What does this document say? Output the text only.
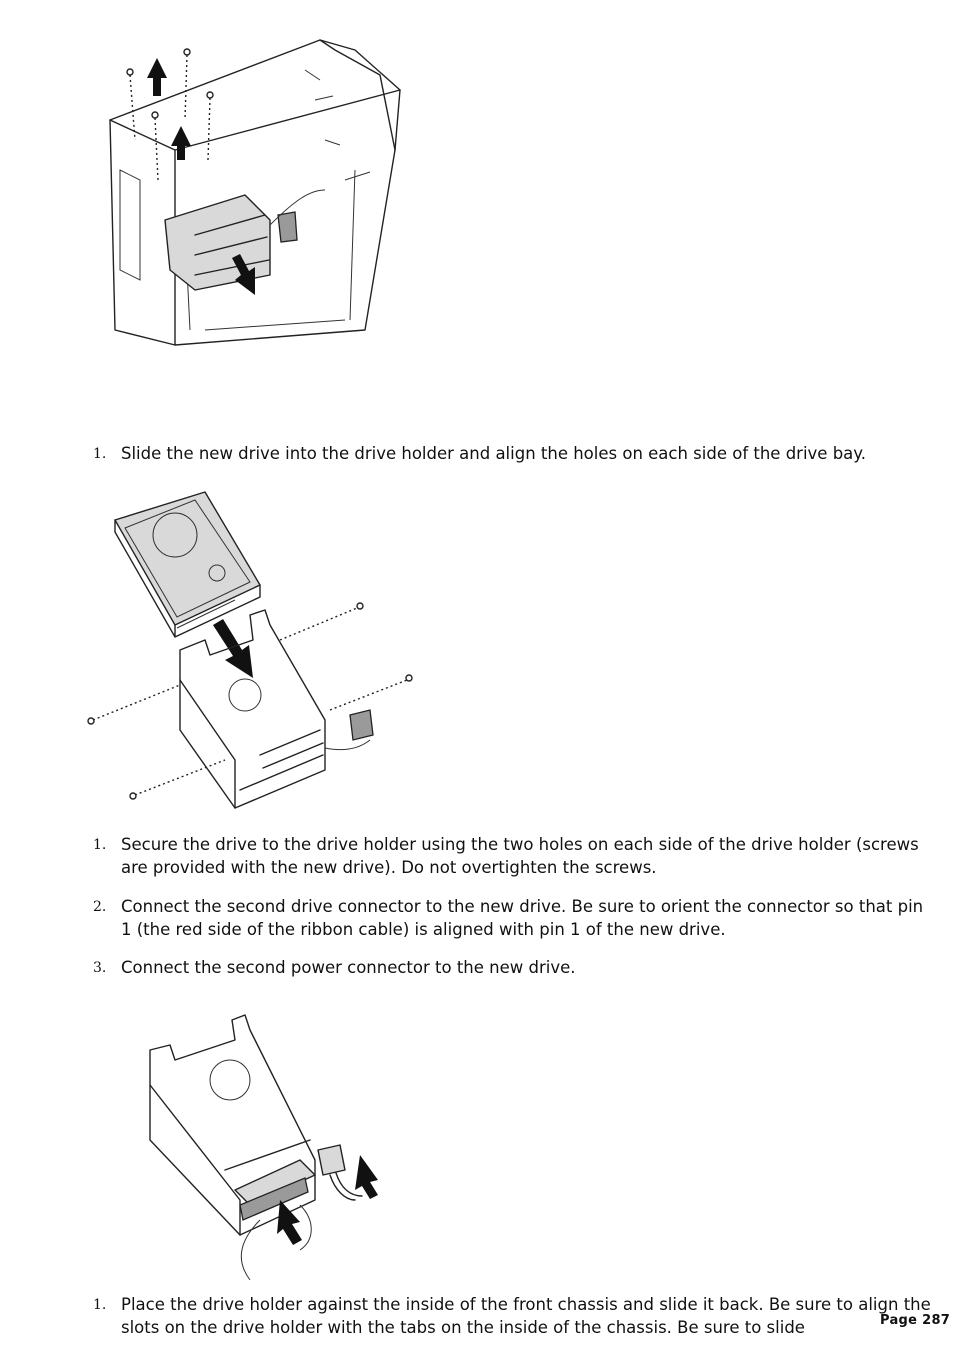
1. Slide the new drive into the drive holder and align the holes on each side of the drive bay.
1. Secure the drive to the drive holder using the two holes on each side of the drive holder (screws are provided with the new drive). Do not overtighten the screws.
2. Connect the second drive connector to the new drive. Be sure to orient the connector so that pin 1 (the red side of the ribbon cable) is aligned with pin 1 of the new drive.
3. Connect the second power connector to the new drive.
1. Place the drive holder against the inside of the front chassis and slide it back. Be sure to align the slots on the drive holder with the tabs on the inside of the chassis. Be sure to slide	Page 287
